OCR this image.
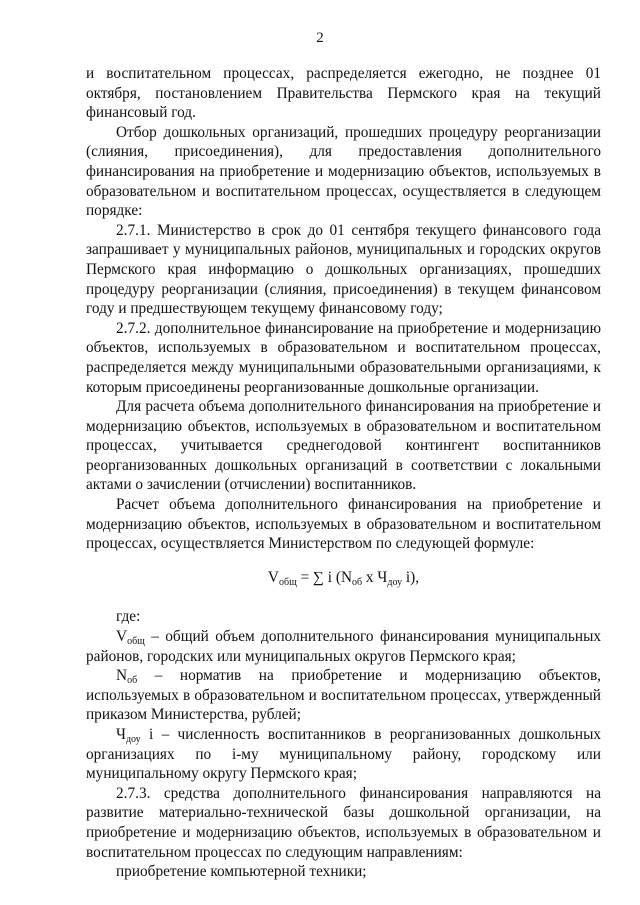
2

и воспитательном процессах, распределяется ежегодно, не позднее 01 октября, постановлением Правительства Пермского края на текущий финансовый год.

Отбор дошкольных организаций, прошедших процедуру реорганизации (слияния, присоединения), для предоставления дополнительного финансирования на приобретение и модернизацию объектов, используемых в образовательном и воспитательном процессах, осуществляется в следующем порядке:

2.7.1. Министерство в срок до 01 сентября текущего финансового года запрашивает у муниципальных районов, муниципальных и городских округов Пермского края информацию о дошкольных организациях, прошедших процедуру реорганизации (слияния, присоединения) в текущем финансовом году и предшествующем текущему финансовому году;

2.7.2. дополнительное финансирование на приобретение и модернизацию объектов, используемых в образовательном и воспитательном процессах, распределяется между муниципальными образовательными организациями, к которым присоединены реорганизованные дошкольные организации.

Для расчета объема дополнительного финансирования на приобретение и модернизацию объектов, используемых в образовательном и воспитательном процессах, учитывается среднегодовой контингент воспитанников реорганизованных дошкольных организаций в соответствии с локальными актами о зачислении (отчислении) воспитанников.

Расчет объема дополнительного финансирования на приобретение и модернизацию объектов, используемых в образовательном и воспитательном процессах, осуществляется Министерством по следующей формуле:

$V_{общ}$ = ∑ i ($N_{об}$ x $Ч_{доу}$ i),

где:

$V_{общ}$ – общий объем дополнительного финансирования муниципальных районов, городских или муниципальных округов Пермского края;

$N_{об}$ – норматив на приобретение и модернизацию объектов, используемых в образовательном и воспитательном процессах, утвержденный приказом Министерства, рублей;

$Ч_{доу}$ i – численность воспитанников в реорганизованных дошкольных организациях по i-му муниципальному району, городскому или муниципальному округу Пермского края;

2.7.3. средства дополнительного финансирования направляются на развитие материально-технической базы дошкольной организации, на приобретение и модернизацию объектов, используемых в образовательном и воспитательном процессах по следующим направлениям:

приобретение компьютерной техники;
